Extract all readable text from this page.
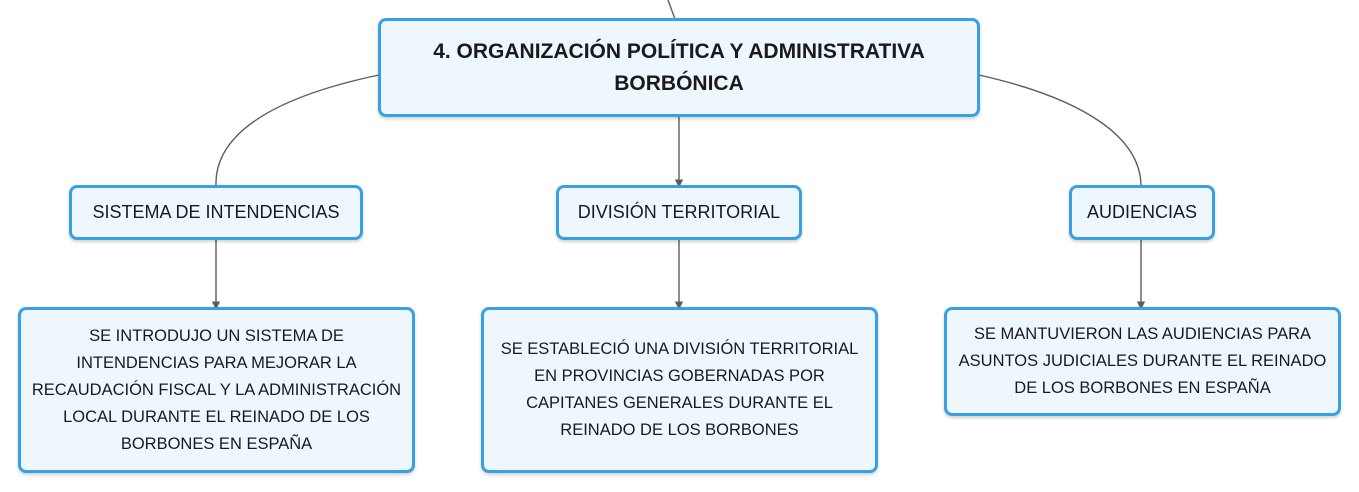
4. ORGANIZACIÓN POLÍTICA Y ADMINISTRATIVA BORBÓNICA
SISTEMA DE INTENDENCIAS	DIVISIÓN TERRITORIAL	AUDIENCIAS
SE INTRODUJO UN SISTEMA DE INTENDENCIAS PARA MEJORAR LA RECAUDACIÓN FISCAL Y LA ADMINISTRACIÓN LOCAL DURANTE EL REINADO DE LOS BORBONES EN ESPAÑA
SE ESTABLECIÓ UNA DIVISIÓN TERRITORIAL EN PROVINCIAS GOBERNADAS POR CAPITANES GENERALES DURANTE EL REINADO DE LOS BORBONES
SE MANTUVIERON LAS AUDIENCIAS PARA ASUNTOS JUDICIALES DURANTE EL REINADO DE LOS BORBONES EN ESPAÑA
